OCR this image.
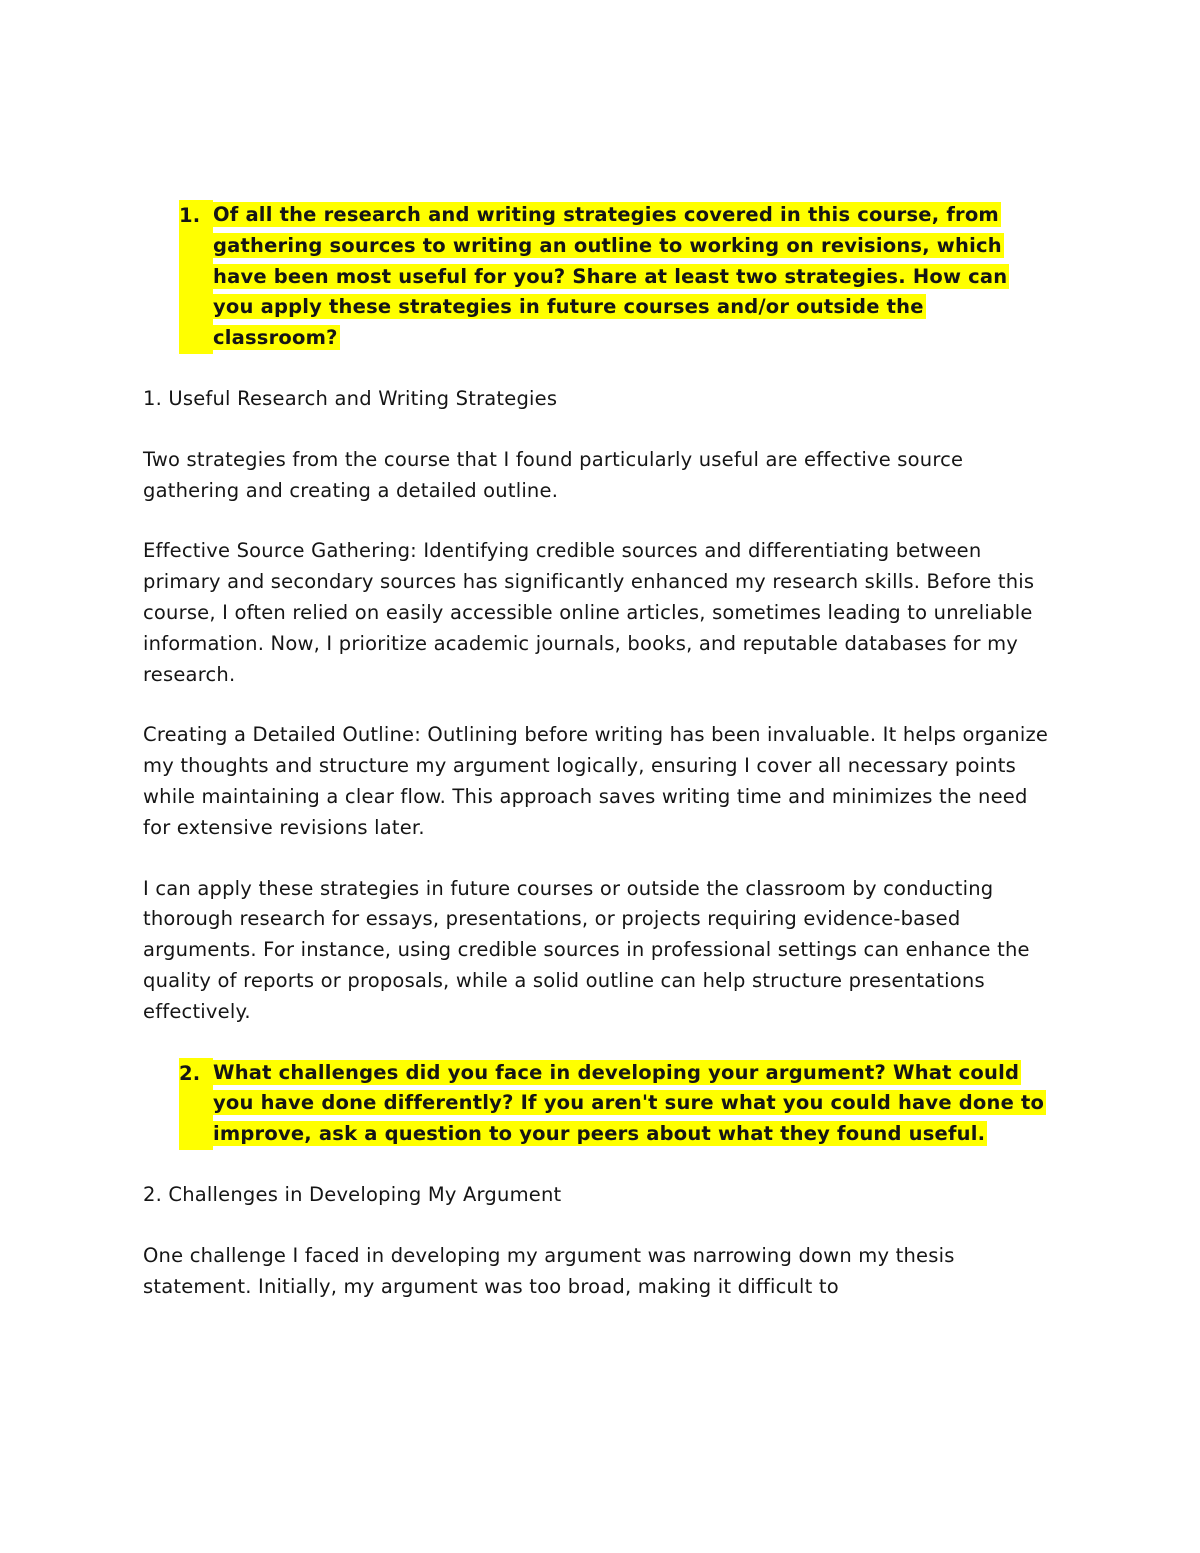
1. Of all the research and writing strategies covered in this course, from gathering sources to writing an outline to working on revisions, which have been most useful for you? Share at least two strategies. How can you apply these strategies in future courses and/or outside the classroom?

1. Useful Research and Writing Strategies

Two strategies from the course that I found particularly useful are effective source gathering and creating a detailed outline.

Effective Source Gathering: Identifying credible sources and differentiating between primary and secondary sources has significantly enhanced my research skills. Before this course, I often relied on easily accessible online articles, sometimes leading to unreliable information. Now, I prioritize academic journals, books, and reputable databases for my research.

Creating a Detailed Outline: Outlining before writing has been invaluable. It helps organize my thoughts and structure my argument logically, ensuring I cover all necessary points while maintaining a clear flow. This approach saves writing time and minimizes the need for extensive revisions later.

I can apply these strategies in future courses or outside the classroom by conducting thorough research for essays, presentations, or projects requiring evidence-based arguments. For instance, using credible sources in professional settings can enhance the quality of reports or proposals, while a solid outline can help structure presentations effectively.

2. What challenges did you face in developing your argument? What could you have done differently? If you aren't sure what you could have done to improve, ask a question to your peers about what they found useful.

2. Challenges in Developing My Argument

One challenge I faced in developing my argument was narrowing down my thesis statement. Initially, my argument was too broad, making it difficult to
